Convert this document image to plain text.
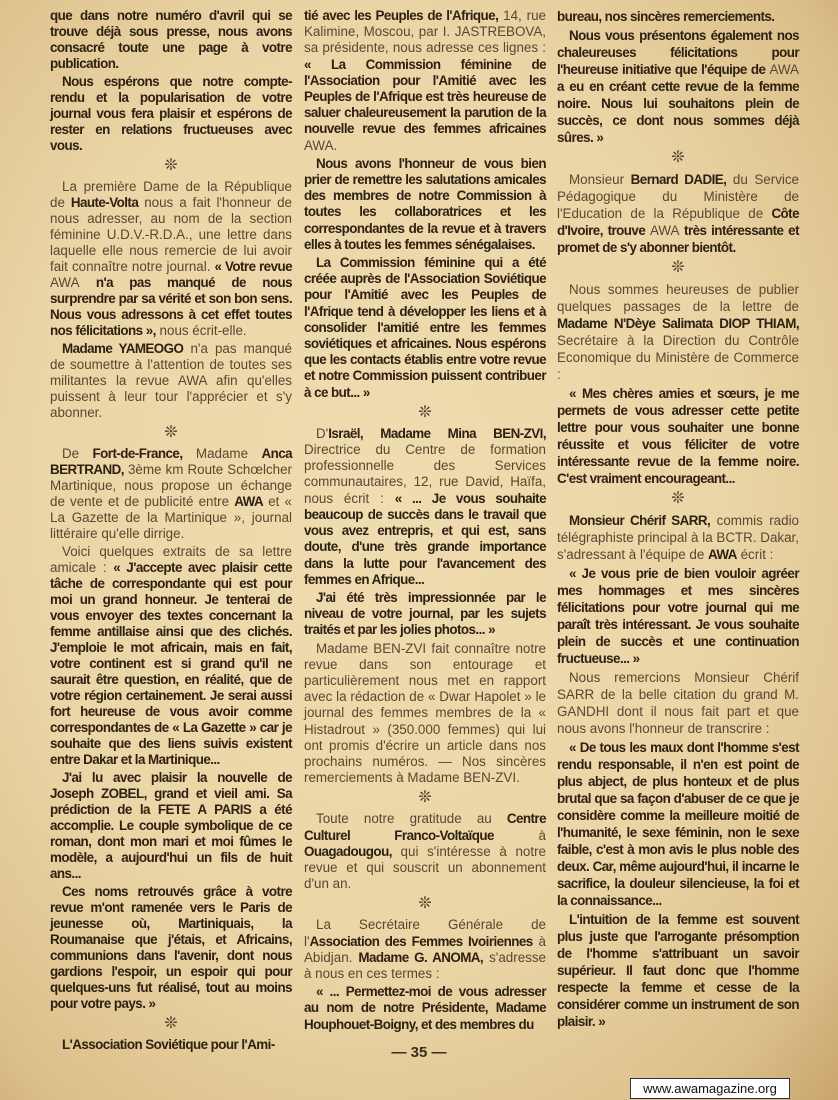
que dans notre numéro d'avril qui se trouve déjà sous presse, nous avons consacré toute une page à votre publication.

Nous espérons que notre compte-rendu et la popularisation de votre journal vous fera plaisir et espérons de rester en relations fructueuses avec vous.

❊

La première Dame de la République de Haute-Volta nous a fait l'honneur de nous adresser, au nom de la section féminine U.D.V.-R.D.A., une lettre dans laquelle elle nous remercie de lui avoir fait connaître notre journal. « Votre revue AWA n'a pas manqué de nous surprendre par sa vérité et son bon sens. Nous vous adressons à cet effet toutes nos félicitations », nous écrit-elle.

Madame YAMEOGO n'a pas manqué de soumettre à l'attention de toutes ses militantes la revue AWA afin qu'elles puissent à leur tour l'apprécier et s'y abonner.

❊

De Fort-de-France, Madame Anca BERTRAND, 3ème km Route Schœlcher Martinique, nous propose un échange de vente et de publicité entre AWA et « La Gazette de la Martinique », journal littéraire qu'elle dirrige.

Voici quelques extraits de sa lettre amicale : « J'accepte avec plaisir cette tâche de correspondante qui est pour moi un grand honneur. Je tenterai de vous envoyer des textes concernant la femme antillaise ainsi que des clichés. J'emploie le mot africain, mais en fait, votre continent est si grand qu'il ne saurait être question, en réalité, que de votre région certainement. Je serai aussi fort heureuse de vous avoir comme correspondantes de « La Gazette » car je souhaite que des liens suivis existent entre Dakar et la Martinique...

J'ai lu avec plaisir la nouvelle de Joseph ZOBEL, grand et vieil ami. Sa prédiction de la FETE A PARIS a été accomplie. Le couple symbolique de ce roman, dont mon mari et moi fûmes le modèle, a aujourd'hui un fils de huit ans...

Ces noms retrouvés grâce à votre revue m'ont ramenée vers le Paris de jeunesse où, Martiniquais, la Roumanaise que j'étais, et Africains, communions dans l'avenir, dont nous gardions l'espoir, un espoir qui pour quelques-uns fut réalisé, tout au moins pour votre pays. »

❊

L'Association Soviétique pour l'Ami-

tié avec les Peuples de l'Afrique, 14, rue Kalimine, Moscou, par I. JASTREBOVA, sa présidente, nous adresse ces lignes : « La Commission féminine de l'Association pour l'Amitié avec les Peuples de l'Afrique est très heureuse de saluer chaleureusement la parution de la nouvelle revue des femmes africaines AWA.

Nous avons l'honneur de vous bien prier de remettre les salutations amicales des membres de notre Commission à toutes les collaboratrices et les correspondantes de la revue et à travers elles à toutes les femmes sénégalaises.

La Commission féminine qui a été créée auprès de l'Association Soviétique pour l'Amitié avec les Peuples de l'Afrique tend à développer les liens et à consolider l'amitié entre les femmes soviétiques et africaines. Nous espérons que les contacts établis entre votre revue et notre Commission puissent contribuer à ce but... »

❊

D'Israël, Madame Mina BEN-ZVI, Directrice du Centre de formation professionnelle des Services communautaires, 12, rue David, Haïfa, nous écrit : « ... Je vous souhaite beaucoup de succès dans le travail que vous avez entrepris, et qui est, sans doute, d'une très grande importance dans la lutte pour l'avancement des femmes en Afrique...

J'ai été très impressionnée par le niveau de votre journal, par les sujets traités et par les jolies photos... »

Madame BEN-ZVI fait connaître notre revue dans son entourage et particulièrement nous met en rapport avec la rédaction de « Dwar Hapolet » le journal des femmes membres de la « Histadrout » (350.000 femmes) qui lui ont promis d'écrire un article dans nos prochains numéros. — Nos sincères remerciements à Madame BEN-ZVI.

❊

Toute notre gratitude au Centre Culturel Franco-Voltaïque à Ouagadougou, qui s'intéresse à notre revue et qui souscrit un abonnement d'un an.

❊

La Secrétaire Générale de l'Association des Femmes Ivoiriennes à Abidjan. Madame G. ANOMA, s'adresse à nous en ces termes :

« ... Permettez-moi de vous adresser au nom de notre Présidente, Madame Houphouet-Boigny, et des membres du

bureau, nos sincères remerciements.

Nous vous présentons également nos chaleureuses félicitations pour l'heureuse initiative que l'équipe de AWA a eu en créant cette revue de la femme noire. Nous lui souhaitons plein de succès, ce dont nous sommes déjà sûres. »

❊

Monsieur Bernard DADIE, du Service Pédagogique du Ministère de l'Education de la République de Côte d'Ivoire, trouve AWA très intéressante et promet de s'y abonner bientôt.

❊

Nous sommes heureuses de publier quelques passages de la lettre de Madame N'Dèye Salimata DIOP THIAM, Secrétaire à la Direction du Contrôle Economique du Ministère de Commerce :

« Mes chères amies et sœurs, je me permets de vous adresser cette petite lettre pour vous souhaiter une bonne réussite et vous féliciter de votre intéressante revue de la femme noire. C'est vraiment encourageant...

❊

Monsieur Chérif SARR, commis radio télégraphiste principal à la BCTR. Dakar, s'adressant à l'équipe de AWA écrit :

« Je vous prie de bien vouloir agréer mes hommages et mes sincères félicitations pour votre journal qui me paraît très intéressant. Je vous souhaite plein de succès et une continuation fructueuse... »

Nous remercions Monsieur Chérif SARR de la belle citation du grand M. GANDHI dont il nous fait part et que nous avons l'honneur de transcrire :

« De tous les maux dont l'homme s'est rendu responsable, il n'en est point de plus abject, de plus honteux et de plus brutal que sa façon d'abuser de ce que je considère comme la meilleure moitié de l'humanité, le sexe féminin, non le sexe faible, c'est à mon avis le plus noble des deux. Car, même aujourd'hui, il incarne le sacrifice, la douleur silencieuse, la foi et la connaissance...

L'intuition de la femme est souvent plus juste que l'arrogante présomption de l'homme s'attribuant un savoir supérieur. Il faut donc que l'homme respecte la femme et cesse de la considérer comme un instrument de son plaisir. »

— 35 —
www.awamagazine.org
